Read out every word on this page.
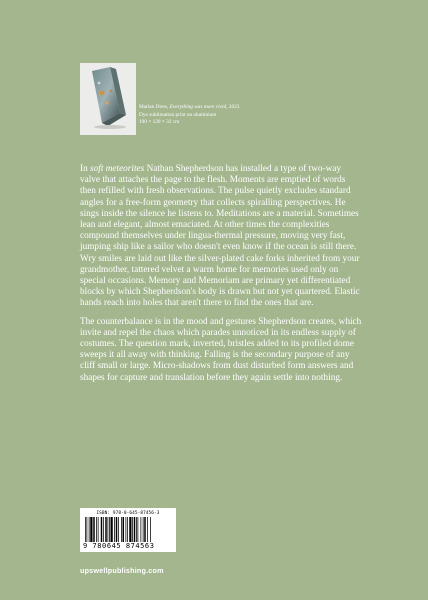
Marian Drew, Everything was more vivid, 2023
Dye sublimation print on aluminium
190 × 120 × 32 cm

In soft meteorites Nathan Shepherdson has installed a type of two-way valve that attaches the page to the flesh. Moments are emptied of words then refilled with fresh observations. The pulse quietly excludes standard angles for a free-form geometry that collects spiralling perspectives. He sings inside the silence he listens to. Meditations are a material. Sometimes lean and elegant, almost emaciated. At other times the complexities compound themselves under lingua-thermal pressure, moving very fast, jumping ship like a sailor who doesn't even know if the ocean is still there. Wry smiles are laid out like the silver-plated cake forks inherited from your grandmother, tattered velvet a warm home for memories used only on special occasions. Memory and Memoriam are primary yet differentiated blocks by which Shepherdson's body is drawn but not yet quartered. Elastic hands reach into holes that aren't there to find the ones that are.

The counterbalance is in the mood and gestures Shepherdson creates, which invite and repel the chaos which parades unnoticed in its endless supply of costumes. The question mark, inverted, bristles added to its profiled dome sweeps it all away with thinking. Falling is the secondary purpose of any cliff small or large. Micro-shadows from dust disturbed form answers and shapes for capture and translation before they again settle into nothing.

ISBN: 978-0-645-87456-3
9 780645 874563
upswellpublishing.com
